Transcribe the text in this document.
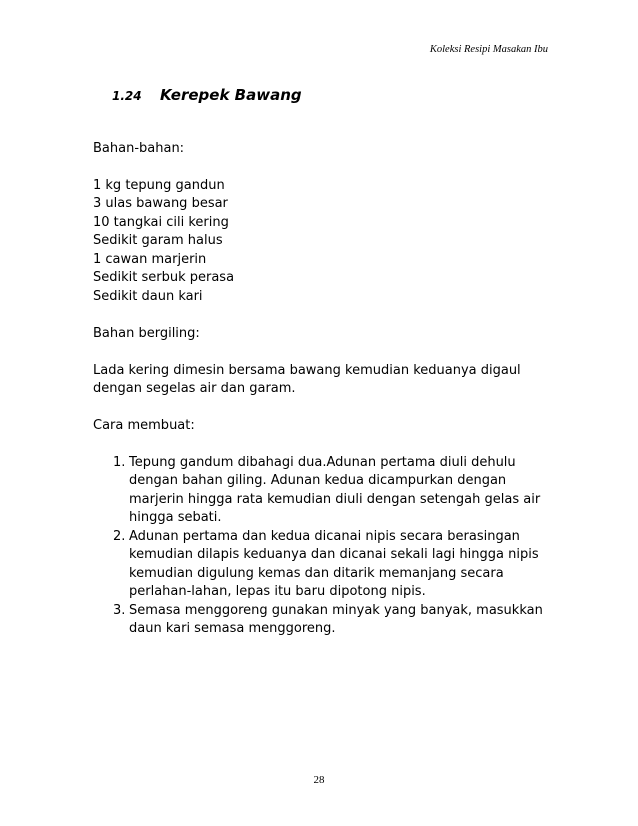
Koleksi Resipi Masakan Ibu
1.24	Kerepek Bawang

Bahan-bahan:

1 kg tepung gandun
3 ulas bawang besar
10 tangkai cili kering
Sedikit garam halus
1 cawan marjerin
Sedikit serbuk perasa
Sedikit daun kari

Bahan bergiling:

Lada kering dimesin bersama bawang kemudian keduanya digaul
dengan segelas air dan garam.

Cara membuat:

1. Tepung gandum dibahagi dua.Adunan pertama diuli dehulu
dengan bahan giling. Adunan kedua dicampurkan dengan
marjerin hingga rata kemudian diuli dengan setengah gelas air
hingga sebati.
2. Adunan pertama dan kedua dicanai nipis secara berasingan
kemudian dilapis keduanya dan dicanai sekali lagi hingga nipis
kemudian digulung kemas dan ditarik memanjang secara
perlahan-lahan, lepas itu baru dipotong nipis.
3. Semasa menggoreng gunakan minyak yang banyak, masukkan
daun kari semasa menggoreng.
28
